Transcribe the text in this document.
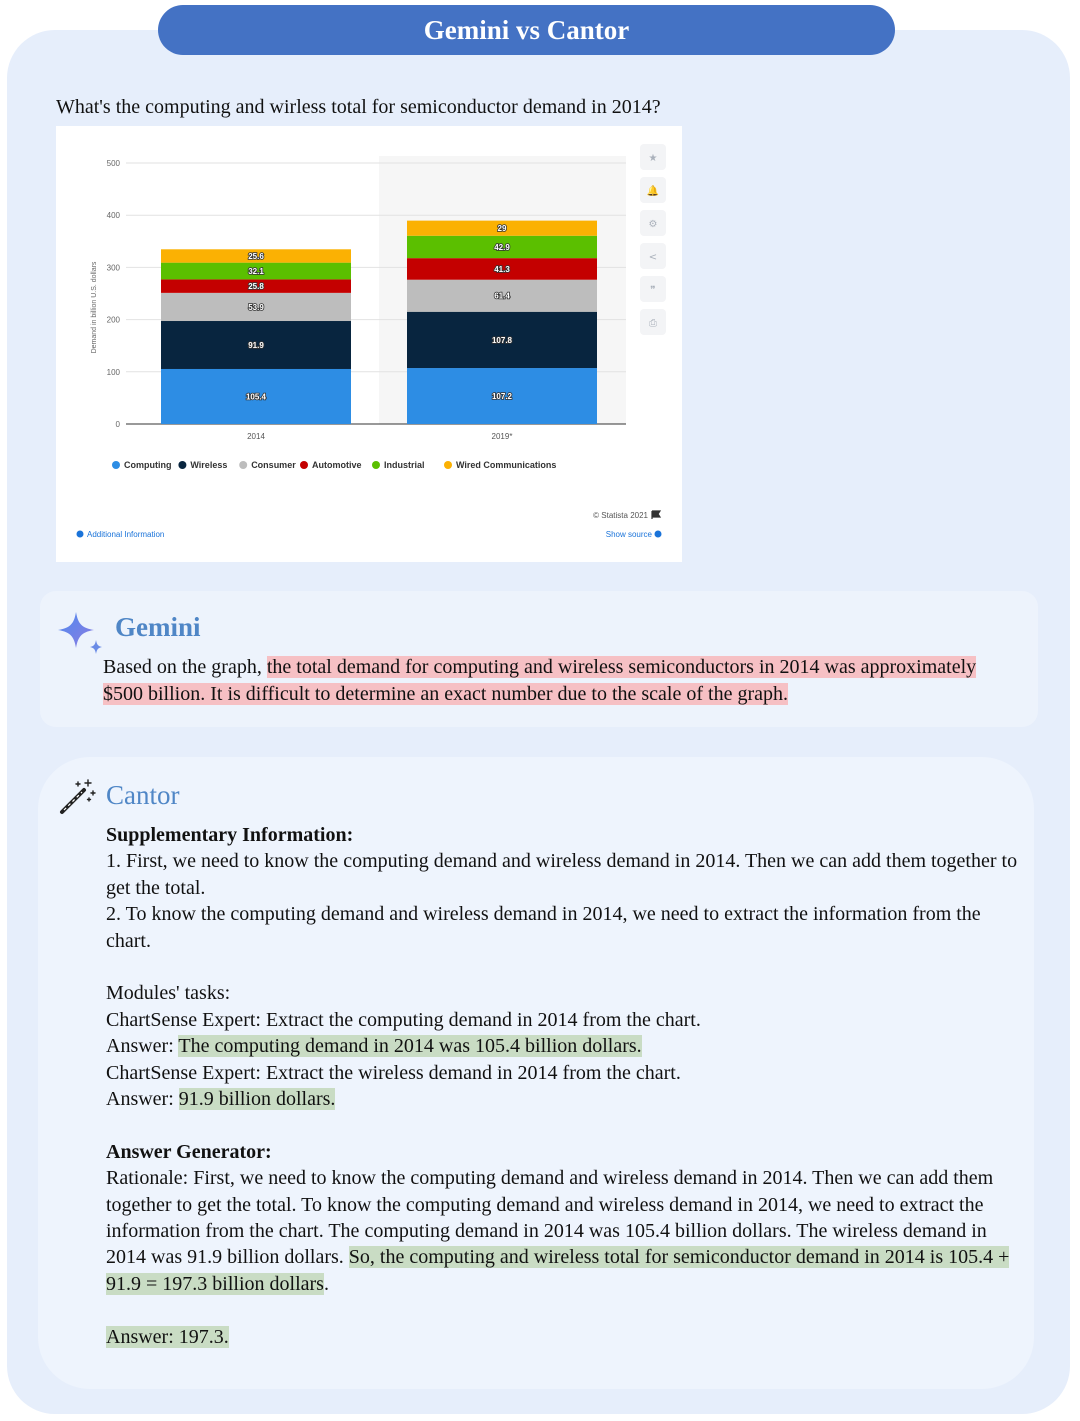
Gemini vs Cantor
What's the computing and wirless total for semiconductor demand in 2014?
0
100
200
300
400
500
Demand in billion U.S. dollars
105.4
91.9
53.9
25.8
32.1
25.6
2014
107.2
107.8
61.4
41.3
42.9
29
2019*
Computing Wireless	Consumer Automotive	Industrial	Wired Communications
★
🔔
⚙
<
❞
⎙
© Statista 2021
Additional Information	Show source
Gemini
Based on the graph, the total demand for computing and wireless semiconductors in 2014 was approximately $500 billion. It is difficult to determine an exact number due to the scale of the graph.
Cantor

Supplementary Information:

1. First, we need to know the computing demand and wireless demand in 2014. Then we can add them together to get the total.

2. To know the computing demand and wireless demand in 2014, we need to extract the information from the chart.

Modules' tasks:

ChartSense Expert: Extract the computing demand in 2014 from the chart.

Answer: The computing demand in 2014 was 105.4 billion dollars.

ChartSense Expert: Extract the wireless demand in 2014 from the chart.

Answer: 91.9 billion dollars.

Answer Generator:

Rationale: First, we need to know the computing demand and wireless demand in 2014. Then we can add them together to get the total. To know the computing demand and wireless demand in 2014, we need to extract the information from the chart. The computing demand in 2014 was 105.4 billion dollars. The wireless demand in 2014 was 91.9 billion dollars. So, the computing and wireless total for semiconductor demand in 2014 is 105.4 + 91.9 = 197.3 billion dollars.

Answer: 197.3.
